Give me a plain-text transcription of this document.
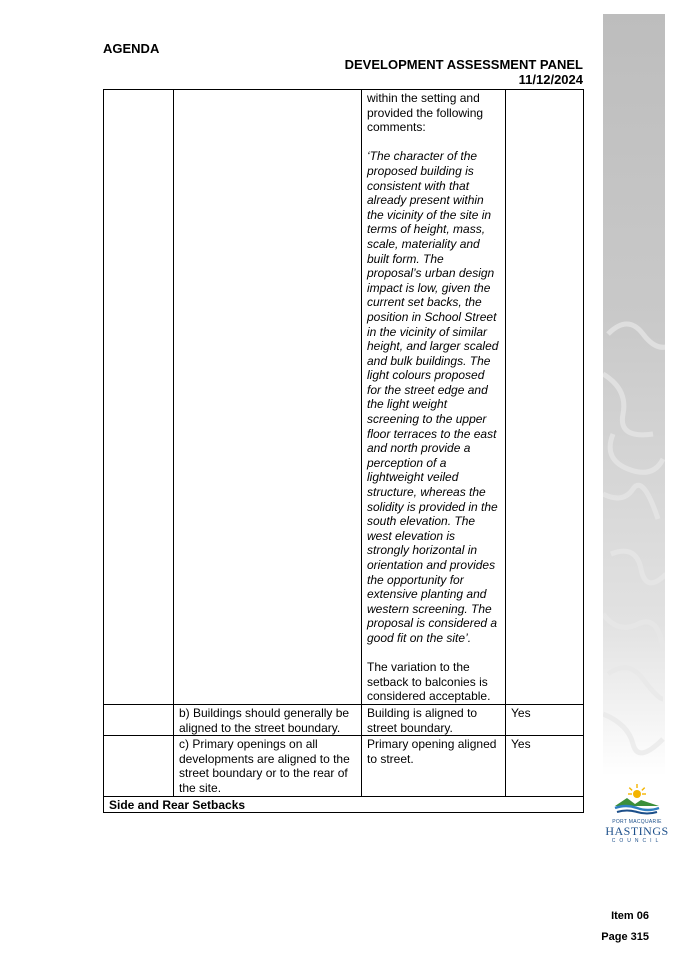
AGENDA
DEVELOPMENT ASSESSMENT PANEL
11/12/2024
PORT MACQUARIE
HASTINGS
COUNCIL

		within the setting and provided the following comments:

‘The character of the proposed building is consistent with that already present within the vicinity of the site in terms of height, mass, scale, materiality and built form. The proposal’s urban design impact is low, given the current set backs, the position in School Street in the vicinity of similar height, and larger scaled and bulk buildings. The light colours proposed for the street edge and the light weight screening to the upper floor terraces to the east and north provide a perception of a lightweight veiled structure, whereas the solidity is provided in the south elevation. The west elevation is strongly horizontal in orientation and provides the opportunity for extensive planting and western screening. The proposal is considered a good fit on the site’.

The variation to the setback to balconies is considered acceptable.	

	b) Buildings should generally be aligned to the street boundary.	Building is aligned to street boundary.	Yes
	c) Primary openings on all developments are aligned to the street boundary or to the rear of the site.	Primary opening aligned to street.	Yes
Side and Rear Setbacks			
Item 06
Page 315
